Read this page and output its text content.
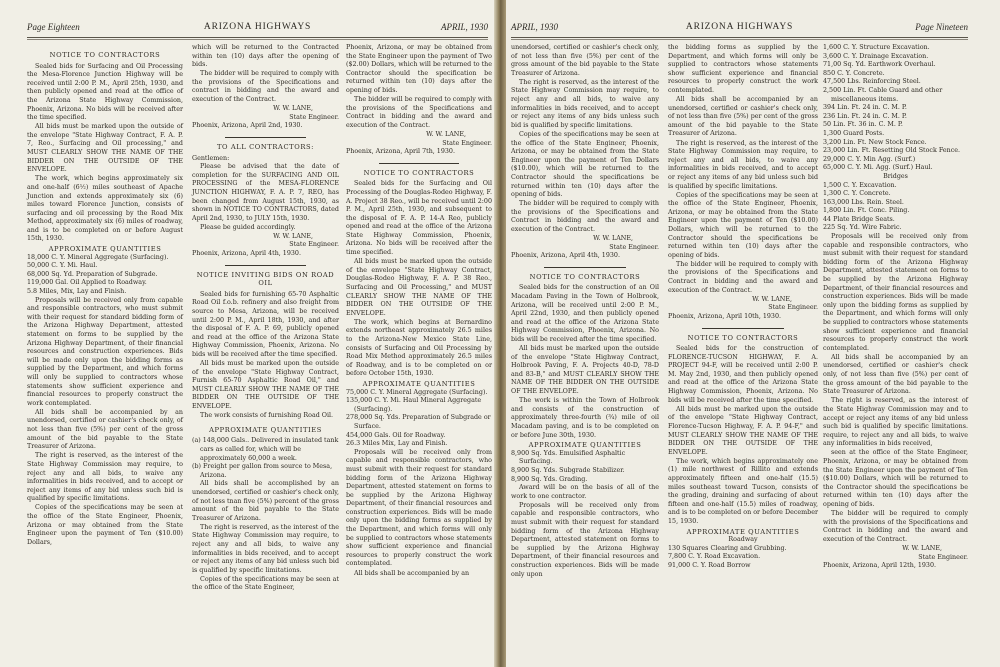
Page Eighteen	ARIZONA HIGHWAYS	APRIL, 1930
NOTICE TO CONTRACTORS

Sealed bids for Surfacing and Oil Processing the Mesa-Florence Junction Highway will be received until 2:00 P. M., April 25th, 1930, and then publicly opened and read at the office of the Arizona State Highway Commission, Phoenix, Arizona. No bids will be received after the time specified.

All bids must be marked upon the outside of the envelope "State Highway Contract, F. A. P. 7, Reo., Surfacing and Oil processing," and MUST CLEARLY SHOW THE NAME OF THE BIDDER ON THE OUTSIDE OF THE ENVELOPE.

The work, which begins approximately six and one-half (6½) miles southeast of Apache Junction and extends approximately six (6) miles toward Florence Junction, consists of surfacing and oil processing by the Road Mix Method, approximately six (6) miles of roadway, and is to be completed on or before August 15th, 1930.

APPROXIMATE QUANTITIES
18,000 C. Y. Mineral Aggregate (Surfacing).
50,000 C. Y. Mi. Haul.
68,000 Sq. Yd. Preparation of Subgrade.
119,000 Gal. Oil Applied to Roadway.
5.8 Miles, Mix, Lay and Finish.

Proposals will be received only from capable and responsible contractors, who must submit with their request for standard bidding form of the Arizona Highway Department, attested statement on forms to be supplied by the Arizona Highway Department, of their financial resources and construction experiences. Bids will be made only upon the bidding forms as supplied by the Department, and which forms will only be supplied to contractors whose statements show sufficient experience and financial resources to properly construct the work contemplated.

All bids shall be accompanied by an unendorsed, certified or cashier's check only, of not less than five (5%) per cent of the gross amount of the bid payable to the State Treasurer of Arizona.

The right is reserved, as the interest of the State Highway Commission may require, to reject any and all bids, to waive any informalities in bids received, and to accept or reject any items of any bid unless such bid is qualified by specific limitations.

Copies of the specifications may be seen at the office of the State Engineer, Phoenix, Arizona or may obtained from the State Engineer upon the payment of Ten ($10.00) Dollars,

which will be returned to the Contracted within ten (10) days after the opening of bids.

The bidder will be required to comply with the provisions of the Specifications and contract in bidding and the award and execution of the Contract.

W. W. LANE,
State Engineer.
Phoenix, Arizona, April 2nd, 1930.
TO ALL CONTRACTORS:
Gentlemen:

Please be advised that the date of completion for the SURFACING AND OIL PROCESSING of the MESA-FLORENCE JUNCTION HIGHWAY, F. A. P. 7, REO, has been changed from August 15th, 1930, as shown in NOTICE TO CONTRACTORS, dated April 2nd, 1930, to JULY 15th, 1930.

Please be guided accordingly.

W. W. LANE,
State Engineer.
Phoenix, Arizona, April 4th, 1930.
NOTICE INVITING BIDS ON ROAD OIL

Sealed bids for furnishing 65-70 Asphaltic Road Oil f.o.b. refinery and also freight from source to Mesa, Arizona, will be received until 2:00 P. M., April 18th, 1930, and after the disposal of F. A. P. 69, publicly opened and read at the office of the Arizona State Highway Commission, Phoenix, Arizona. No bids will be received after the time specified.

All bids must be marked upon the outside of the envelope "State Highway Contract, Furnish 65-70 Asphaltic Road Oil," and MUST CLEARLY SHOW THE NAME OF THE BIDDER ON THE OUTSIDE OF THE ENVELOPE.

The work consists of furnishing Road Oil.

APPROXIMATE QUANTITIES
(a) 148,000 Gals.. Delivered in insulated tank cars as called for, which will be approximately 60,000 a week.
(b) Freight per gallon from source to Mesa, Arizona.

All bids shall be accomplished by an unendorsed, certified or cashier's check only, of not less tnan five (5%) percent of the gross amount of the bid payable to the State Treasurer of Arizona.

The right is reserved, as the interest of the State Highway Commission may require, to reject any and all bids, to waive any informalities in bids received, and to accept or reject any items of any bid unless such bid is qualified by specific limitations.

Copies of the specifications may be seen at the office of the State Engineer,

Phoenix, Arizona, or may be obtained from the State Engineer upon the payment of Two ($2.00) Dollars, which will be returned to the Contractor should the specification be returned within ten (10) days after the opening of bids.

The bidder will be required to comply with the provisions of the Specifications and Contract in bidding and the award and execution of the Contract.

W. W. LANE,
State Engineer.
Phoenix, Arizona, April 7th, 1930.
NOTICE TO CONTRACTORS

Sealed bids for the Surfacing and Oil Processing of the Douglas-Rodeo Highway, F. A. Project 38 Reo., will be received until 2:00 P. M., April 25th, 1930, and subsequent to the disposal of F. A. P. 14-A Reo, publicly opened and read at the office of the Arizona State Highway Commission, Phoenix, Arizona. No bids will be received after the time specified.

All bids must be marked upon the outside of the envelope "State Highway Contract, Douglas-Rodeo Highway, F. A. P. 38 Reo., Surfacing and Oil Processing," and MUST CLEARLY SHOW THE NAME OF THE BIDDER ON THE OUTSIDE OF THE ENVELOPE.

The work, which begins at Bernardino extends northeast approximately 26.5 miles to the Arizona-New Mexico State Line, consists of Surfacing and Oil Processing by Road Mix Method approximately 26.5 miles of Roadway, and is to be completed on or before October 15th, 1930.

APPROXIMATE QUANTITIES
75,000 C. Y. Mineral Aggregate (Surfacing).
135,000 C. Y. Mi. Haul Mineral Aggregate (Surfacing).
278,000 Sq. Yds. Preparation of Subgrade or Surface.
454,000 Gals. Oil for Roadway.
26.3 Miles Mix, Lay and Finish.

Proposals will be received only from capable and responsible contractors, who must submit with their request for standard bidding form of the Arizona Highway Department, attested statement on forms to be supplied by the Arizona Highway Department, of their financial resources and construction experiences. Bids will be made only upon the bidding forms as supplied by the Department, and which forms will only be supplied to contractors whose statements show sufficient experience and financial resources to properly construct the work contemplated.

All bids shall be accompanied by an

APRIL, 1930	ARIZONA HIGHWAYS	Page Nineteen

unendorsed, certified or cashier's check only, of not less than five (5%) per cent of the gross amount of the bid payable to the State Treasurer of Arizona.

The right is reserved, as the interest of the State Highway Commission may require, to reject any and all bids, to waive any informalities in bids received, and to accept or reject any items of any bids unless such bid is qualified by specific limitations.

Copies of the specifications may be seen at the office of the State Engineer, Phoenix, Arizona, or may be obtained from the State Engineer upon the payment of Ten Dollars ($10.00), which will be returned to the Contractor should the specifications be returned within ten (10) days after the opening of bids.

The bidder will be required to comply with the provisions of the Specifications and Contract in bidding and the award and execution of the Contract.

W. W. LANE,
State Engineer.
Phoenix, Arizona, April 4th, 1930.
NOTICE TO CONTRACTORS

Sealed bids for the construction of an Oil Macadam Paving in the Town of Holbrook, Arizona, will be received until 2:00 P. M., April 22nd, 1930, and then publicly opened and read at the office of the Arizona State Highway Commission, Phoenix, Arizona. No bids will be received after the time specified.

All bids must be marked upon the outside of the envelope "State Highway Contract, Holbrook Paving, F. A. Projects 40-D, 78-D and 83-B," and MUST CLEARLY SHOW THE NAME OF THE BIDDER ON THE OUTSIDE OF THE ENVELOPE.

The work is within the Town of Holbrook and consists of the construction of approximately three-fourth (¾) mile of oil Macadam paving, and is to be completed on or before June 30th, 1930.

APPROXIMATE QUANTITIES
8,900 Sq. Yds. Emulsified Asphaltic Surfacing.
8,900 Sq. Yds. Subgrade Stabilizer.
8,900 Sq. Yds. Grading.

Award will be on the basis of all of the work to one contractor.

Proposals will be received only from capable and responsible contractors, who must submit with their request for standard bidding form of the Arizona Highway Department, attested statement on forms to be supplied by the Arizona Highway Department, of their financial resources and construction experiences. Bids will be made only upon

the bidding forms as supplied by the Department, and which forms will only be supplied to contractors whose statements show sufficient experience and financial resources to properly construct the work contemplated.

All bids shall be accompanied by an unendorsed, certified or cashier's check only, of not less than five (5%) per cent of the gross amount of the bid payable to the State Treasurer of Arizona.

The right is reserved, as the interest of the State Highway Commission may require, to reject any and all bids, to waive any informalities in bids received, and to accept or reject any items of any bid unless such bid is qualified by specific limitations.

Copies of the specifications may be seen at the office of the State Engineer, Phoenix, Arizona, or may be obtained from the State Engineer upon the payment of Ten ($10.00) Dollars, which will be returned to the Contractor should the specifications be returned within ten (10) days after the opening of bids.

The bidder will be required to comply with the provisions of the Specifications and Contract in bidding and the award and execution of the Contract.

W. W. LANE,
State Engineer.
Phoenix, Arizona, April 10th, 1930.
NOTICE TO CONTRACTORS

Sealed bids for the construction of FLORENCE-TUCSON HIGHWAY, F. A. PROJECT 94-F, will be received until 2:00 P. M. May 2nd, 1930, and then publicly opened and read at the office of the Arizona State Highway Commission, Phoenix, Arizona. No bids will be received after the time specified.

All bids must be marked upon the outside of the envelope "State Highway Contract, Florence-Tucson Highway, F. A. P. 94-F," and MUST CLEARLY SHOW THE NAME OF THE BIDDER ON THE OUTSIDE OF THE ENVELOPE.

The work, which begins approximately one (1) mile northwest of Rillito and extends approximately fifteen and one-half (15.5) miles southeast toward Tucson, consists of the grading, draining and surfacing of about fifteen and one-half (15.5) miles of roadway, and is to be completed on or before December 15, 1930.

APPROXIMATE QUANTITIES
Roadway
130 Squares Clearing and Grubbing.
7,800 C. Y. Road Excavation.
91,000 C. Y. Road Borrow
1,600 C. Y. Structure Excavation.
3,600 C. Y. Drainage Excavation.
71,00 Sq. Yd. Earthwork Overhaul.
850 C. Y. Concrete.
47,500 Lbs. Reinforcing Steel.
2,500 Lin. Ft. Cable Guard and other miscellaneous items.
394 Lin. Ft. 24 in. C. M. P.
236 Lin. Ft. 24 in. C. M. P.
50 Lin. Ft. 36 in. C. M. P.
1,300 Guard Posts.
3,200 Lin. Ft. New Stock Fence.
23,000 Lin. Ft. Resetting Old Stock Fence.
29,000 C. Y. Min Agg. (Surf.)
65,000 C. Y. Mi. Agg. (Surf.) Haul.
Bridges
1,500 C. Y. Excavation.
1,300 C. Y. Concrete.
163,000 Lbs. Rein. Steel.
1,800 Lin. Ft. Conc. Piling.
44 Plate Bridge Seats.
225 Sq. Yd. Wire Fabric.

Proposals will be received only from capable and responsible contractors, who must submit with their request for standard bidding form of the Arizona Highway Department, attested statement on forms to be supplied by the Arizona Highway Department, of their financial resources and construction experiences. Bids will be made only upon the bidding forms as supplied by the Department, and which forms will only be supplied to contractors whose statements show sufficient experience and financial resources to properly construct the work contemplated.

All bids shall be accompanied by an unendorsed, certified or cashier's check only, of not less than five (5%) per cent of the gross amount of the bid payable to the State Treasurer of Arizona.

The right is reserved, as the interest of the State Highway Commission may and to accept or reject any items of any bid unless such bid is qualified by specific limitations. require, to reject any and all bids, to waive any informalities in bids received,

seen at the office of the State Engineer, Phoenix, Arizona, or may be obtained from the State Engineer upon the payment of Ten ($10.00) Dollars, which will be returned to the Contractor should the specifications be returned within ten (10) days after the opening of bids.

The bidder will be required to comply with the provisions of the Specifications and Contract in bidding and the award and execution of the Contract.

W. W. LANE,
State Engineer.
Phoenix, Arizona, April 12th, 1930.
